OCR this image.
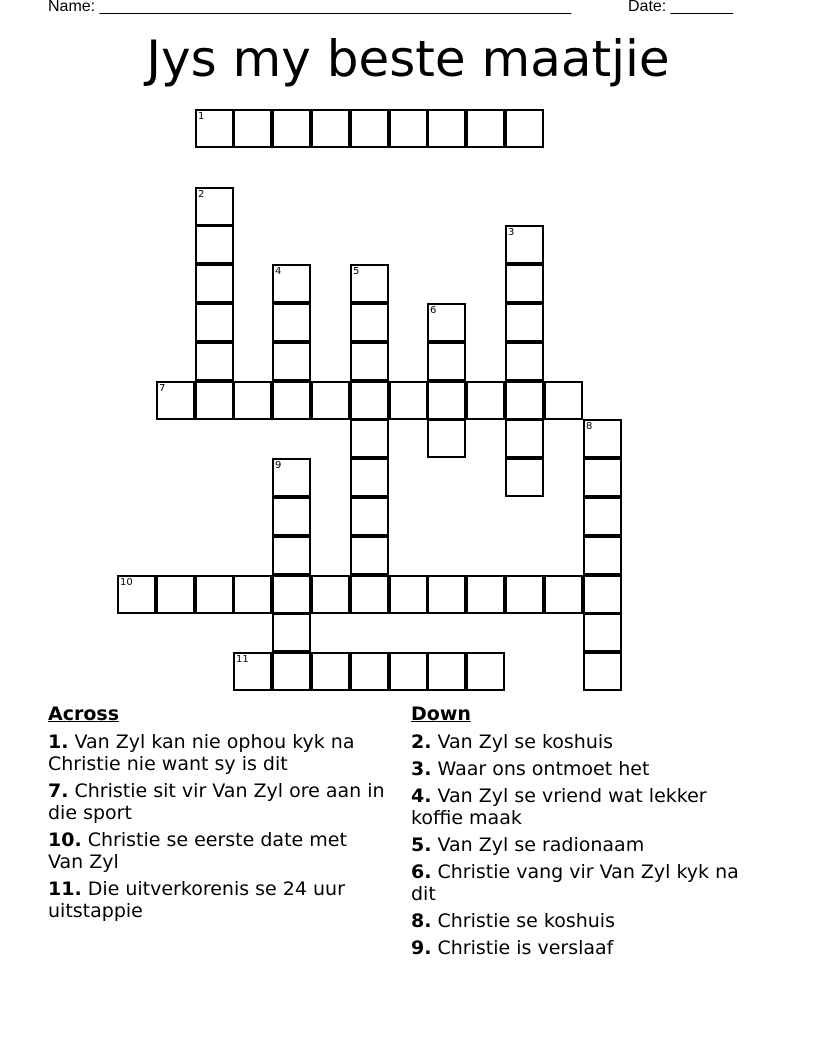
Name: _____________________________________________________	Date: _______
Jys my beste maatjie
1
2
3
4	5
6
7
8
9
10
11
Across
1. Van Zyl kan nie ophou kyk na Christie nie want sy is dit
7. Christie sit vir Van Zyl ore aan in die sport
10. Christie se eerste date met Van Zyl
11. Die uitverkorenis se 24 uur uitstappie
Down
2. Van Zyl se koshuis
3. Waar ons ontmoet het
4. Van Zyl se vriend wat lekker koffie maak
5. Van Zyl se radionaam
6. Christie vang vir Van Zyl kyk na dit
8. Christie se koshuis
9. Christie is verslaaf
